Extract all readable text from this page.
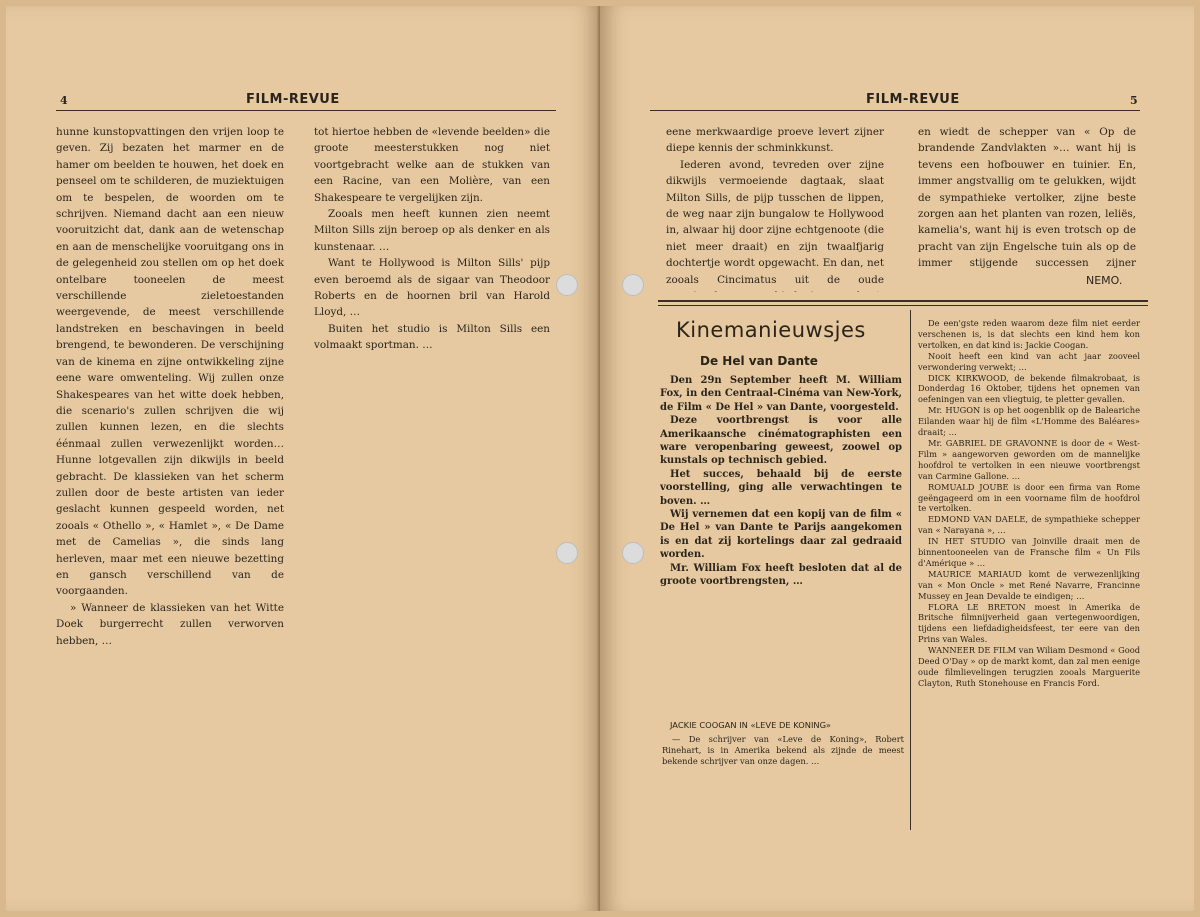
4	FILM-REVUE

hunne kunstopvattingen den vrijen loop te geven. Zij bezaten het marmer en de hamer om beelden te houwen, het doek en penseel om te schilderen, de muziektuigen om te bespelen, de woorden om te schrijven. Niemand dacht aan een nieuw vooruitzicht dat, dank aan de wetenschap en aan de menschelijke vooruitgang ons in de gelegenheid zou stellen om op het doek ontelbare tooneelen de meest verschillende zieletoestanden weergevende, de meest verschillende landstreken en beschavingen in beeld brengend, te bewonderen. De verschijning van de kinema en zijne ontwikkeling zijne eene ware omwenteling. Wij zullen onze Shakespeares van het witte doek hebben, die scenario's zullen schrijven die wij zullen kunnen lezen, en die slechts éénmaal zullen verwezenlijkt worden… Hunne lotgevallen zijn dikwijls in beeld gebracht. De klassieken van het scherm zullen door de beste artisten van ieder geslacht kunnen gespeeld worden, net zooals « Othello », « Hamlet », « De Dame met de Camelias », die sinds lang herleven, maar met een nieuwe bezetting en gansch verschillend van de voorgaanden.

» Wanneer de klassieken van het Witte Doek burgerrecht zullen verworven hebben, …

tot hiertoe hebben de «levende beelden» die groote meesterstukken nog niet voortgebracht welke aan de stukken van een Racine, van een Molière, van een Shakespeare te vergelijken zijn.

Zooals men heeft kunnen zien neemt Milton Sills zijn beroep op als denker en als kunstenaar. …

Want te Hollywood is Milton Sills' pijp even beroemd als de sigaar van Theodoor Roberts en de hoornen bril van Harold Lloyd, …

Buiten het studio is Milton Sills een volmaakt sportman. …

FILM-REVUE	5

eene merkwaardige proeve levert zijner diepe kennis der schminkkunst.

Iederen avond, tevreden over zijne dikwijls vermoeiende dagtaak, slaat Milton Sills, de pijp tusschen de lippen, de weg naar zijn bungalow te Hollywood in, alwaar hij door zijne echtgenoote (die niet meer draait) en zijn twaalfjarig dochtertje wordt opgewacht. En dan, net zooals Cincimatus uit de oude

en wiedt de schepper van « Op de brandende Zandvlakten »… want hij is tevens een hofbouwer en tuinier. En, immer angstvallig om te gelukken, wijdt de sympathieke vertolker, zijne beste zorgen aan het planten van rozen, leliës, kamelia's, want hij is even trotsch op de pracht van zijn Engelsche tuin als op de immer stijgende successen zijner

NEMO.
Kinemanieuwsjes
De Hel van Dante

Den 29n September heeft M. William Fox, in den Centraal-Cinéma van New-York, de Film « De Hel » van Dante, voorgesteld.

Deze voortbrengst is voor alle Amerikaansche cinématographisten een ware veropenbaring geweest, zoowel op kunstals op technisch gebied.

Het succes, behaald bij de eerste voorstelling, ging alle verwachtingen te boven. …

Wij vernemen dat een kopij van de film « De Hel » van Dante te Parijs aangekomen is en dat zij kortelings daar zal gedraaid worden.

Mr. William Fox heeft besloten dat al de groote voortbrengsten, …

JACKIE COOGAN IN «LEVE DE KONING»

— De schrijver van «Leve de Koning», Robert Rinehart, is in Amerika bekend als zijnde de meest bekende schrijver van onze dagen. …

De een'gste reden waarom deze film niet eerder verschenen is, is dat slechts een kind hem kon vertolken, en dat kind is: Jackie Coogan.

Nooit heeft een kind van acht jaar zooveel verwondering verwekt; …

DICK KIRKWOOD, de bekende filmakrobaat, is Donderdag 16 Oktober, tijdens het opnemen van oefeningen van een vliegtuig, te pletter gevallen.

Mr. HUGON is op het oogenblik op de Baleariche Eilanden waar hij de film «L'Homme des Baléares» draait; …

Mr. GABRIEL DE GRAVONNE is door de « West-Film » aangeworven geworden om de mannelijke hoofdrol te vertolken in een nieuwe voortbrengst van Carmine Gallone. …

ROMUALD JOUBE is door een firma van Rome geëngageerd om in een voorname film de hoofdrol te vertolken.

EDMOND VAN DAELE, de sympathieke schepper van « Narayana », …

IN HET STUDIO van Joinville draait men de binnentooneelen van de Fransche film « Un Fils d'Amérique » …

MAURICE MARIAUD komt de verwezenlijking van « Mon Oncle » met René Navarre, Francinne Mussey en Jean Devalde te eindigen; …

FLORA LE BRETON moest in Amerika de Britsche filmnijverheid gaan vertegenwoordigen, tijdens een liefdadigheidsfeest, ter eere van den Prins van Wales.

WANNEER DE FILM van Wiliam Desmond « Good Deed O'Day » op de markt komt, dan zal men eenige oude filmlievelingen terugzien zooals Marguerite Clayton, Ruth Stonehouse en Francis Ford.
